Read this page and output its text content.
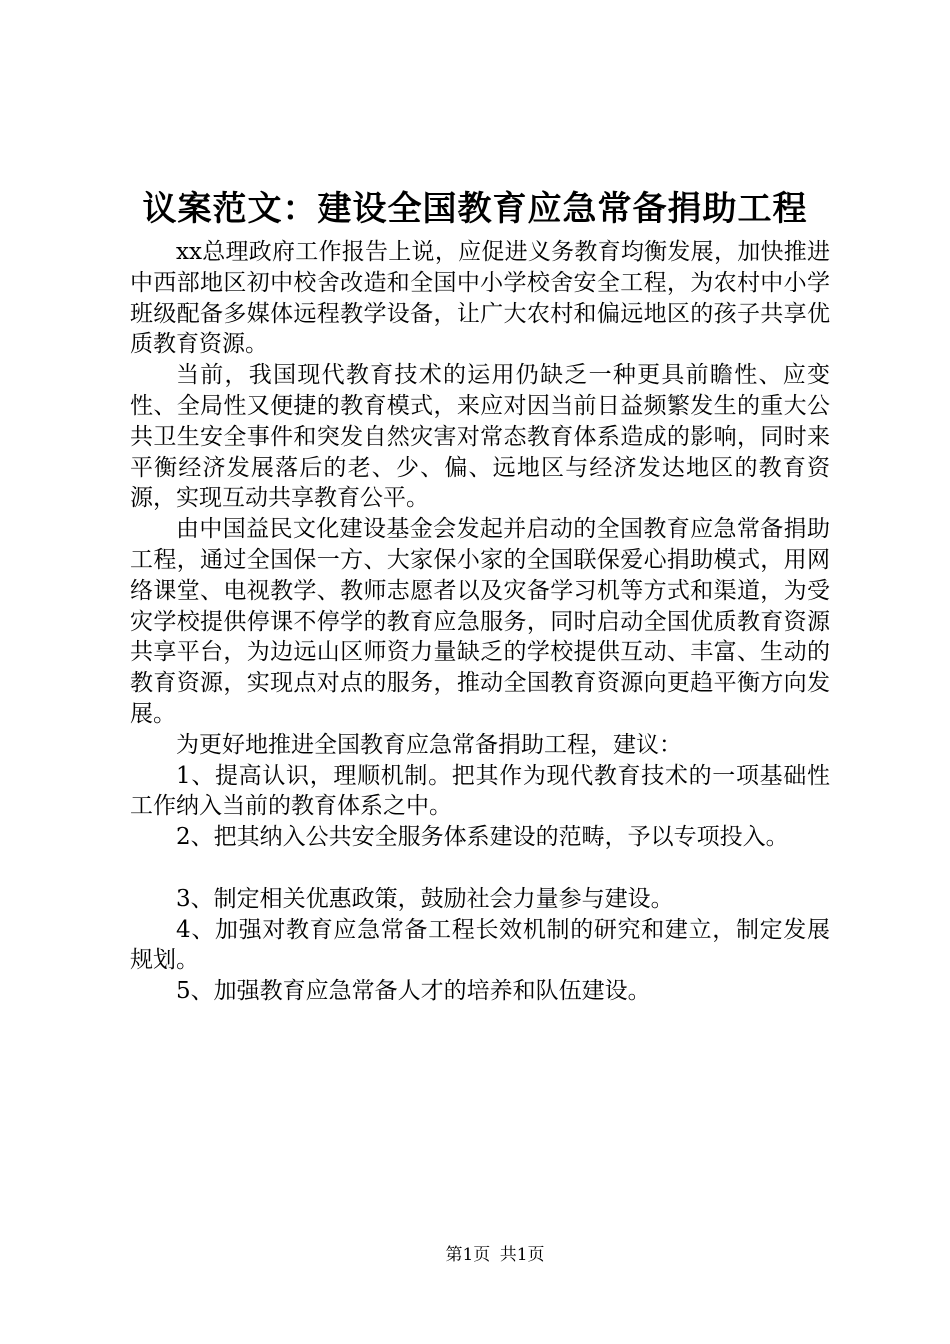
议案范文：建设全国教育应急常备捐助工程

xx总理政府工作报告上说，应促进义务教育均衡发展，加快推进中西部地区初中校舍改造和全国中小学校舍安全工程，为农村中小学班级配备多媒体远程教学设备，让广大农村和偏远地区的孩子共享优质教育资源。

当前，我国现代教育技术的运用仍缺乏一种更具前瞻性、应变性、全局性又便捷的教育模式，来应对因当前日益频繁发生的重大公共卫生安全事件和突发自然灾害对常态教育体系造成的影响，同时来平衡经济发展落后的老、少、偏、远地区与经济发达地区的教育资源，实现互动共享教育公平。

由中国益民文化建设基金会发起并启动的全国教育应急常备捐助工程，通过全国保一方、大家保小家的全国联保爱心捐助模式，用网络课堂、电视教学、教师志愿者以及灾备学习机等方式和渠道，为受灾学校提供停课不停学的教育应急服务，同时启动全国优质教育资源共享平台，为边远山区师资力量缺乏的学校提供互动、丰富、生动的教育资源，实现点对点的服务，推动全国教育资源向更趋平衡方向发展。

为更好地推进全国教育应急常备捐助工程，建议：

1、提高认识，理顺机制。把其作为现代教育技术的一项基础性工作纳入当前的教育体系之中。

2、把其纳入公共安全服务体系建设的范畴，予以专项投入。

3、制定相关优惠政策，鼓励社会力量参与建设。

4、加强对教育应急常备工程长效机制的研究和建立，制定发展规划。

5、加强教育应急常备人才的培养和队伍建设。

第1页 共1页
